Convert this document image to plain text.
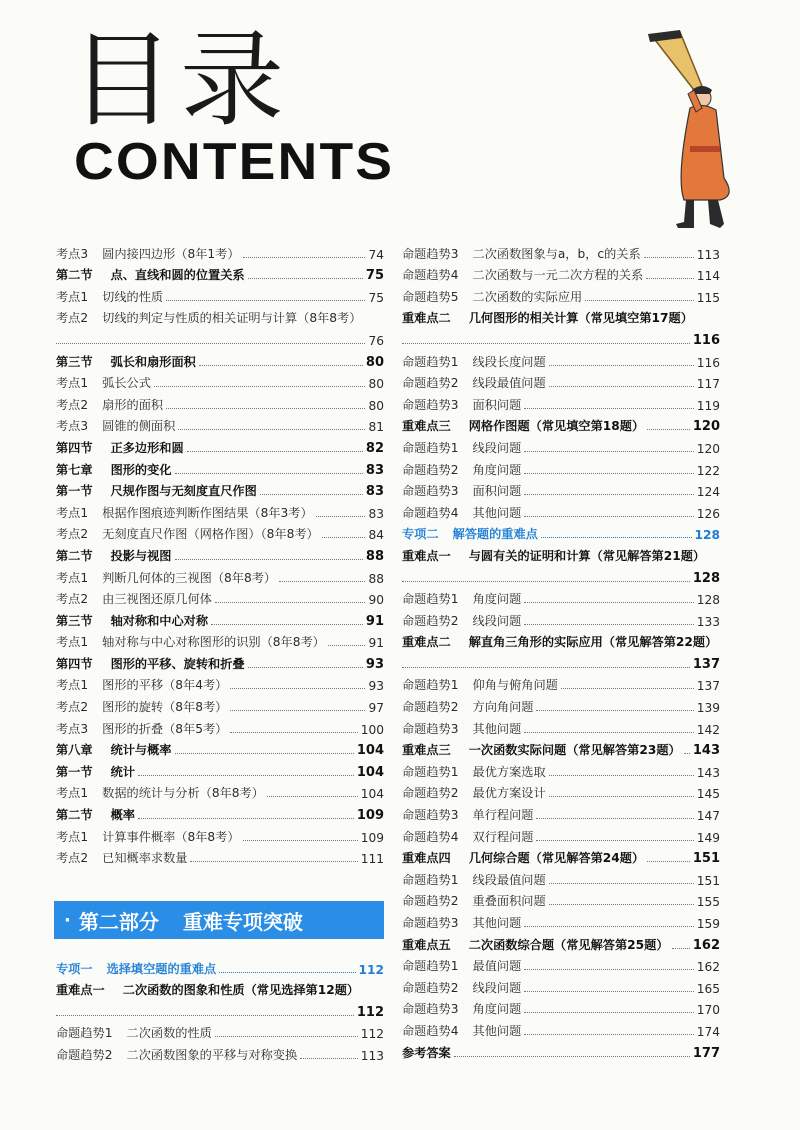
目录
CONTENTS
考点3 圆内接四边形（8年1考）	74
第二节 点、直线和圆的位置关系	75
考点1 切线的性质	75
考点2 切线的判定与性质的相关证明与计算（8年8考）
76
第三节 弧长和扇形面积	80
考点1 弧长公式	80
考点2 扇形的面积	80
考点3 圆锥的侧面积	81
第四节 正多边形和圆	82
第七章 图形的变化	83
第一节 尺规作图与无刻度直尺作图	83
考点1 根据作图痕迹判断作图结果（8年3考）	83
考点2 无刻度直尺作图（网格作图）（8年8考）	84
第二节 投影与视图	88
考点1 判断几何体的三视图（8年8考）	88
考点2 由三视图还原几何体	90
第三节 轴对称和中心对称	91
考点1 轴对称与中心对称图形的识别（8年8考）	91
第四节 图形的平移、旋转和折叠	93
考点1 图形的平移（8年4考）	93
考点2 图形的旋转（8年8考）	97
考点3 图形的折叠（8年5考）	100
第八章 统计与概率	104
第一节 统计	104
考点1 数据的统计与分析（8年8考）	104
第二节 概率	109
考点1 计算事件概率（8年8考）	109
考点2 已知概率求数量	111
· 第二部分 重难专项突破
专项一 选择填空题的重难点	112
重难点一 二次函数的图象和性质（常见选择第12题）
112
命题趋势1 二次函数的性质	112
命题趋势2 二次函数图象的平移与对称变换	113
命题趋势3 二次函数图象与a，b，c的关系	113
命题趋势4 二次函数与一元二次方程的关系	114
命题趋势5 二次函数的实际应用	115
重难点二 几何图形的相关计算（常见填空第17题）
116
命题趋势1 线段长度问题	116
命题趋势2 线段最值问题	117
命题趋势3 面积问题	119
重难点三 网格作图题（常见填空第18题）	120
命题趋势1 线段问题	120
命题趋势2 角度问题	122
命题趋势3 面积问题	124
命题趋势4 其他问题	126
专项二 解答题的重难点	128
重难点一 与圆有关的证明和计算（常见解答第21题）
128
命题趋势1 角度问题	128
命题趋势2 线段问题	133
重难点二 解直角三角形的实际应用（常见解答第22题）
137
命题趋势1 仰角与俯角问题	137
命题趋势2 方向角问题	139
命题趋势3 其他问题	142
重难点三 一次函数实际问题（常见解答第23题） 143
命题趋势1 最优方案选取	143
命题趋势2 最优方案设计	145
命题趋势3 单行程问题	147
命题趋势4 双行程问题	149
重难点四 几何综合题（常见解答第24题）	151
命题趋势1 线段最值问题	151
命题趋势2 重叠面积问题	155
命题趋势3 其他问题	159
重难点五 二次函数综合题（常见解答第25题） 162
命题趋势1 最值问题	162
命题趋势2 线段问题	165
命题趋势3 角度问题	170
命题趋势4 其他问题	174
参考答案	177
